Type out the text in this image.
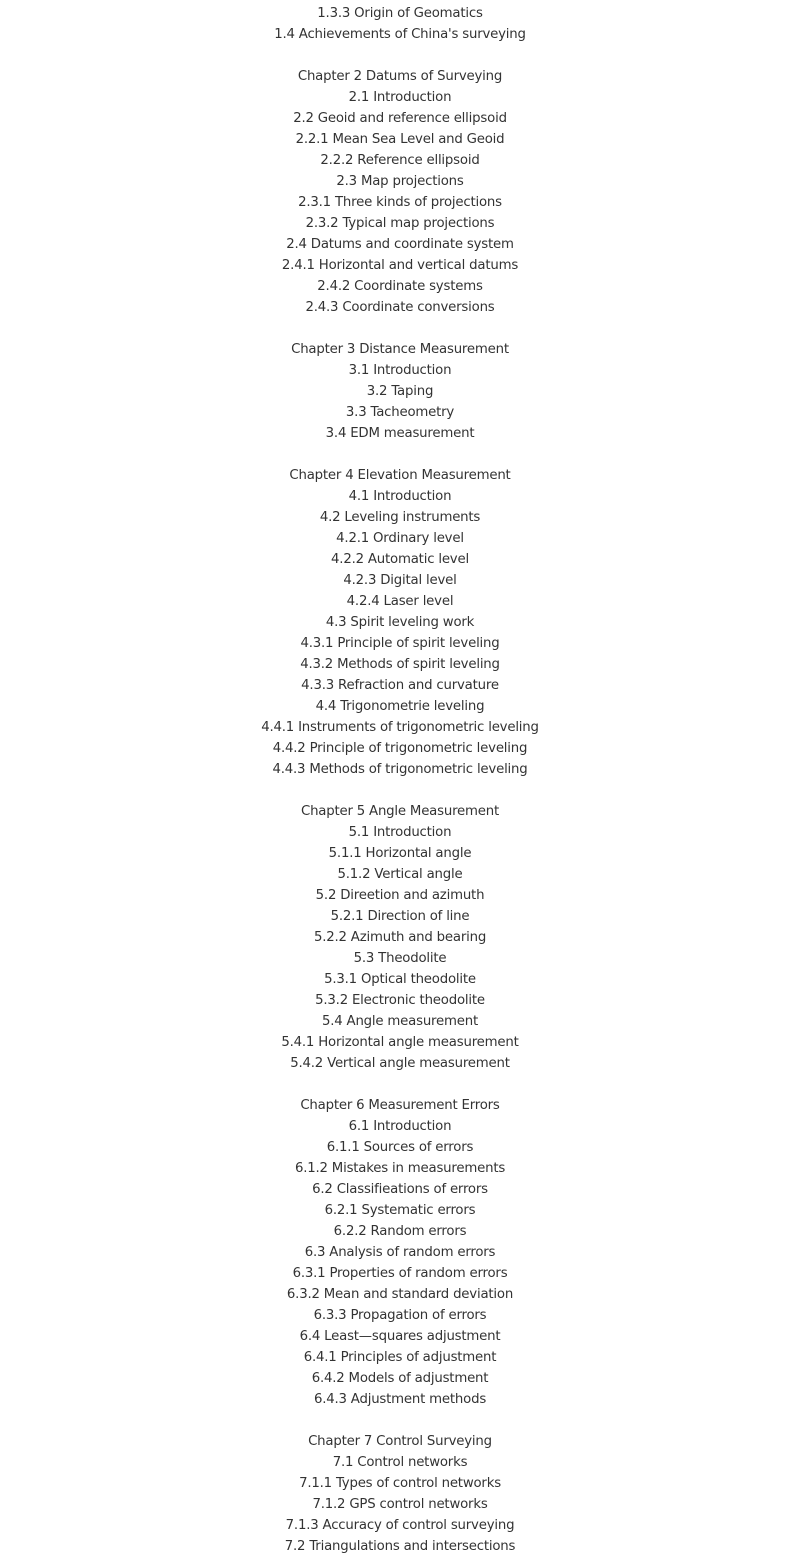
1.3.3 Origin of Geomatics
1.4 Achievements of China's surveying
Chapter 2 Datums of Surveying
2.1 Introduction
2.2 Geoid and reference ellipsoid
2.2.1 Mean Sea Level and Geoid
2.2.2 Reference ellipsoid
2.3 Map projections
2.3.1 Three kinds of projections
2.3.2 Typical map projections
2.4 Datums and coordinate system
2.4.1 Horizontal and vertical datums
2.4.2 Coordinate systems
2.4.3 Coordinate conversions
Chapter 3 Distance Measurement
3.1 Introduction
3.2 Taping
3.3 Tacheometry
3.4 EDM measurement
Chapter 4 Elevation Measurement
4.1 Introduction
4.2 Leveling instruments
4.2.1 Ordinary level
4.2.2 Automatic level
4.2.3 Digital level
4.2.4 Laser level
4.3 Spirit leveling work
4.3.1 Principle of spirit leveling
4.3.2 Methods of spirit leveling
4.3.3 Refraction and curvature
4.4 Trigonometrie leveling
4.4.1 Instruments of trigonometric leveling
4.4.2 Principle of trigonometric leveling
4.4.3 Methods of trigonometric leveling
Chapter 5 Angle Measurement
5.1 Introduction
5.1.1 Horizontal angle
5.1.2 Vertical angle
5.2 Direetion and azimuth
5.2.1 Direction of line
5.2.2 Azimuth and bearing
5.3 Theodolite
5.3.1 Optical theodolite
5.3.2 Electronic theodolite
5.4 Angle measurement
5.4.1 Horizontal angle measurement
5.4.2 Vertical angle measurement
Chapter 6 Measurement Errors
6.1 Introduction
6.1.1 Sources of errors
6.1.2 Mistakes in measurements
6.2 Classifieations of errors
6.2.1 Systematic errors
6.2.2 Random errors
6.3 Analysis of random errors
6.3.1 Properties of random errors
6.3.2 Mean and standard deviation
6.3.3 Propagation of errors
6.4 Least—squares adjustment
6.4.1 Principles of adjustment
6.4.2 Models of adjustment
6.4.3 Adjustment methods
Chapter 7 Control Surveying
7.1 Control networks
7.1.1 Types of control networks
7.1.2 GPS control networks
7.1.3 Accuracy of control surveying
7.2 Triangulations and intersections
